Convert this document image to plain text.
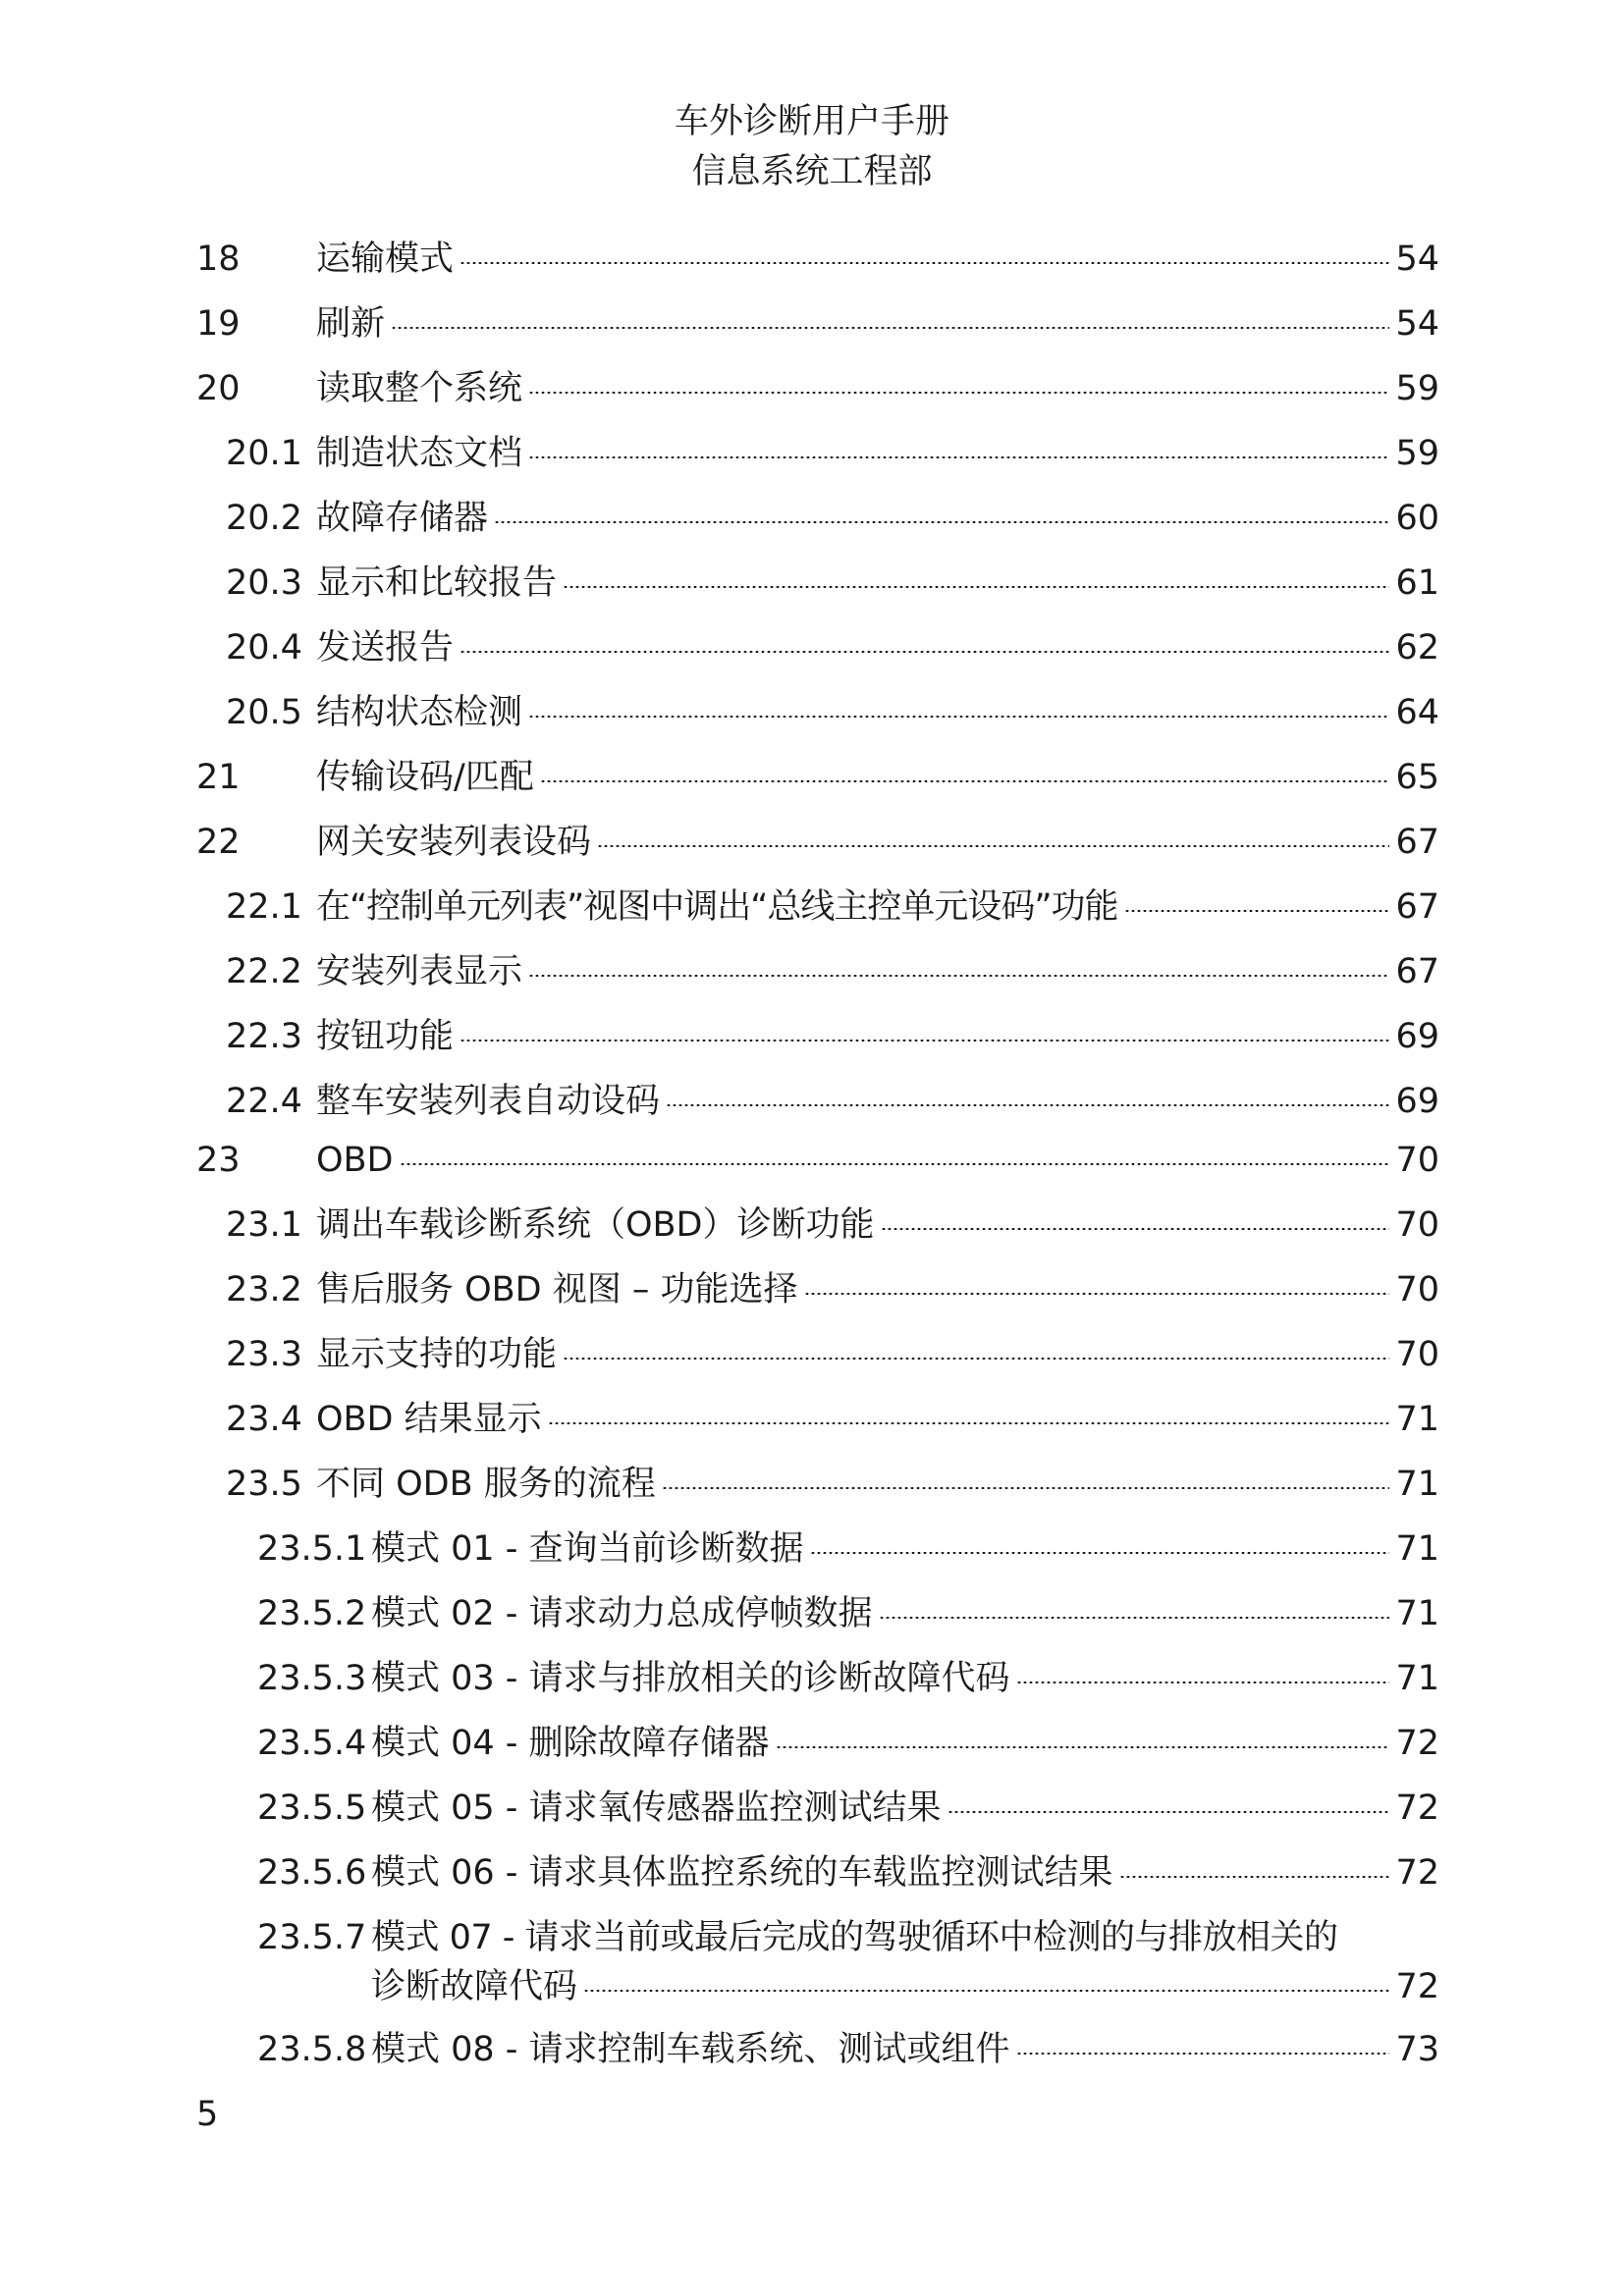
车外诊断用户手册
信息系统工程部
18	运输模式	54
19	刷新	54
20	读取整个系统	59
20.1 制造状态文档	59
20.2 故障存储器	60
20.3 显示和比较报告	61
20.4 发送报告	62
20.5 结构状态检测	64
21	传输设码/匹配	65
22	网关安装列表设码	67
22.1 在“控制单元列表”视图中调出“总线主控单元设码”功能	67
22.2 安装列表显示	67
22.3 按钮功能	69
22.4 整车安装列表自动设码	69
23	OBD	70
23.1 调出车载诊断系统（OBD）诊断功能	70
23.2 售后服务 OBD 视图 – 功能选择	70
23.3 显示支持的功能	70
23.4 OBD 结果显示	71
23.5 不同 ODB 服务的流程	71
23.5.1 模式 01 - 查询当前诊断数据	71
23.5.2 模式 02 - 请求动力总成停帧数据	71
23.5.3 模式 03 - 请求与排放相关的诊断故障代码	71
23.5.4 模式 04 - 删除故障存储器	72
23.5.5 模式 05 - 请求氧传感器监控测试结果	72
23.5.6 模式 06 - 请求具体监控系统的车载监控测试结果	72
23.5.7 模式 07 - 请求当前或最后完成的驾驶循环中检测的与排放相关的
诊断故障代码	72
23.5.8 模式 08 - 请求控制车载系统、测试或组件	73
5
